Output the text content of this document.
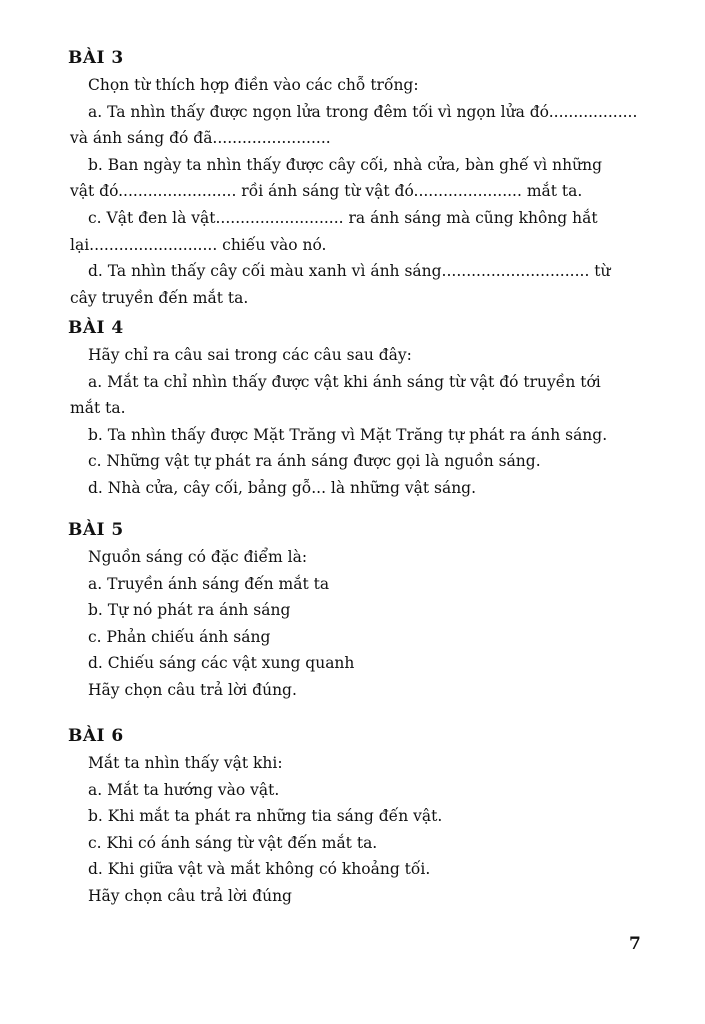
BÀI 3
Chọn từ thích hợp điền vào các chỗ trống:
a. Ta nhìn thấy được ngọn lửa trong đêm tối vì ngọn lửa đó..................
và ánh sáng đó đã........................
b. Ban ngày ta nhìn thấy được cây cối, nhà cửa, bàn ghế vì những
vật đó........................ rồi ánh sáng từ vật đó...................... mắt ta.
c. Vật đen là vật.......................... ra ánh sáng mà cũng không hắt
lại.......................... chiếu vào nó.
d. Ta nhìn thấy cây cối màu xanh vì ánh sáng.............................. từ
cây truyền đến mắt ta.
BÀI 4
Hãy chỉ ra câu sai trong các câu sau đây:
a. Mắt ta chỉ nhìn thấy được vật khi ánh sáng từ vật đó truyền tới
mắt ta.
b. Ta nhìn thấy được Mặt Trăng vì Mặt Trăng tự phát ra ánh sáng.
c. Những vật tự phát ra ánh sáng được gọi là nguồn sáng.
d. Nhà cửa, cây cối, bảng gỗ... là những vật sáng.
BÀI 5
Nguồn sáng có đặc điểm là:
a. Truyền ánh sáng đến mắt ta
b. Tự nó phát ra ánh sáng
c. Phản chiếu ánh sáng
d. Chiếu sáng các vật xung quanh
Hãy chọn câu trả lời đúng.
BÀI 6
Mắt ta nhìn thấy vật khi:
a. Mắt ta hướng vào vật.
b. Khi mắt ta phát ra những tia sáng đến vật.
c. Khi có ánh sáng từ vật đến mắt ta.
d. Khi giữa vật và mắt không có khoảng tối.
Hãy chọn câu trả lời đúng
7
